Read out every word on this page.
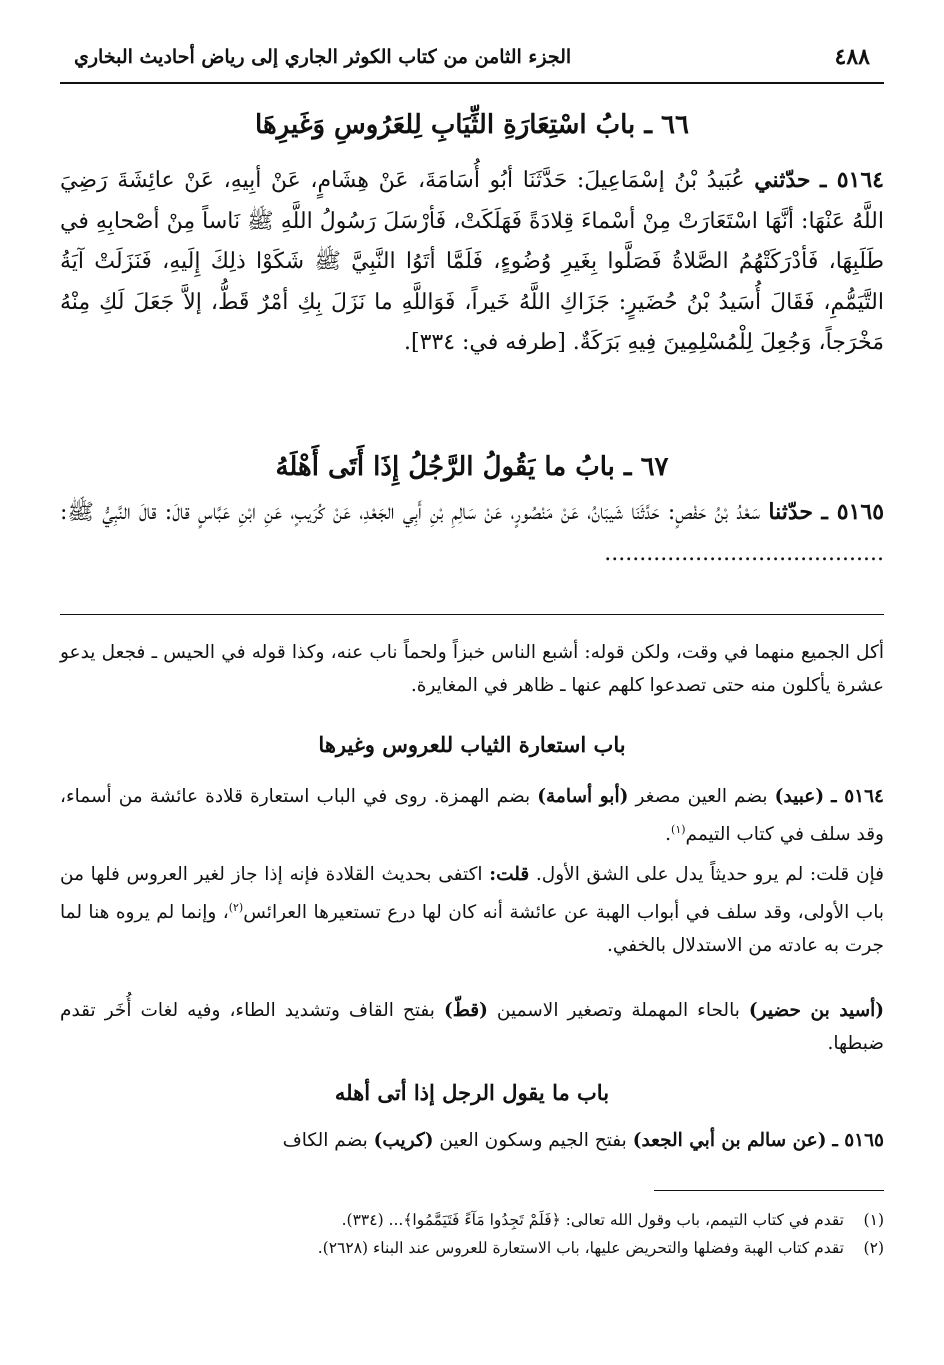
٤٨٨
الجزء الثامن من كتاب الكوثر الجاري إلى رياض أحاديث البخاري
٦٦ ـ بابُ اسْتِعَارَةِ الثِّيَابِ لِلعَرُوسِ وَغَيرِهَا
٥١٦٤ ـ حدّثني عُبَيدُ بْنُ إسْمَاعِيلَ: حَدَّثَنَا أبُو أُسَامَةَ، عَنْ هِشَامٍ، عَنْ أبِيهِ، عَنْ عائِشَةَ رَضِيَ اللَّهُ عَنْهَا: أنَّهَا اسْتَعَارَتْ مِنْ أسْماءَ قِلادَةً فَهَلَكَتْ، فَأرْسَلَ رَسُولُ اللَّهِ ﷺ نَاساً مِنْ أصْحابِهِ في طَلَبِهَا، فَأدْرَكَتْهُمُ الصَّلاةُ فَصَلَّوا بِغَيرِ وُضُوءٍ، فَلَمَّا أتَوُا النَّبِيَّ ﷺ شَكَوْا ذلِكَ إِلَيهِ، فَنَزَلَتْ آيَةُ التَّيَمُّمِ، فَقَالَ أُسَيدُ بْنُ حُضَيرٍ: جَزَاكِ اللَّهُ خَيراً، فَوَاللَّهِ ما نَزَلَ بِكِ أمْرٌ قَطُّ، إلاَّ جَعَلَ لَكِ مِنْهُ مَخْرَجاً، وَجُعِلَ لِلْمُسْلِمِينَ فِيهِ بَرَكَةٌ. [طرفه في: ٣٣٤].
٦٧ ـ بابُ ما يَقُولُ الرَّجُلُ إِذَا أَتَى أَهْلَهُ
٥١٦٥ ـ حدّثنا سَعْدُ بْنُ حَفْصٍ: حَدَّثَنَا شَيبَانُ، عَنْ مَنْصُورٍ، عَنْ سَالِمِ بْنِ أَبِي الجَعْدِ، عَنْ كُرَيبٍ، عَنِ ابْنِ عَبَّاسٍ قالَ: قالَ النَّبِيُّ ﷺ: ........................................
أكل الجميع منهما في وقت، ولكن قوله: أشبع الناس خبزاً ولحماً ناب عنه، وكذا قوله في الحيس ـ فجعل يدعو عشرة يأكلون منه حتى تصدعوا كلهم عنها ـ ظاهر في المغايرة.
باب استعارة الثياب للعروس وغيرها
٥١٦٤ ـ (عبيد) بضم العين مصغر (أبو أسامة) بضم الهمزة. روى في الباب استعارة قلادة عائشة من أسماء، وقد سلف في كتاب التيمم$^{(١)}$.
فإن قلت: لم يرو حديثاً يدل على الشق الأول. قلت: اكتفى بحديث القلادة فإنه إذا جاز لغير العروس فلها من باب الأولى، وقد سلف في أبواب الهبة عن عائشة أنه كان لها درع تستعيرها العرائس$^{(٢)}$، وإنما لم يروه هنا لما جرت به عادته من الاستدلال بالخفي.
(أسيد بن حضير) بالحاء المهملة وتصغير الاسمين (قطّ) بفتح القاف وتشديد الطاء، وفيه لغات أُخَر تقدم ضبطها.
باب ما يقول الرجل إذا أتى أهله
٥١٦٥ ـ (عن سالم بن أبي الجعد) بفتح الجيم وسكون العين (كريب) بضم الكاف
(١)تقدم في كتاب التيمم، باب وقول الله تعالى: ﴿فَلَمْ تَجِدُوا مَآءً فَتَيَمَّمُوا﴾... (٣٣٤).
(٢)تقدم كتاب الهبة وفضلها والتحريض عليها، باب الاستعارة للعروس عند البناء (٢٦٢٨).
